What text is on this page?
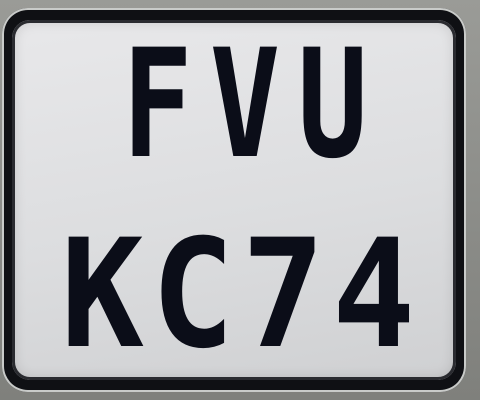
FVU
KC74
